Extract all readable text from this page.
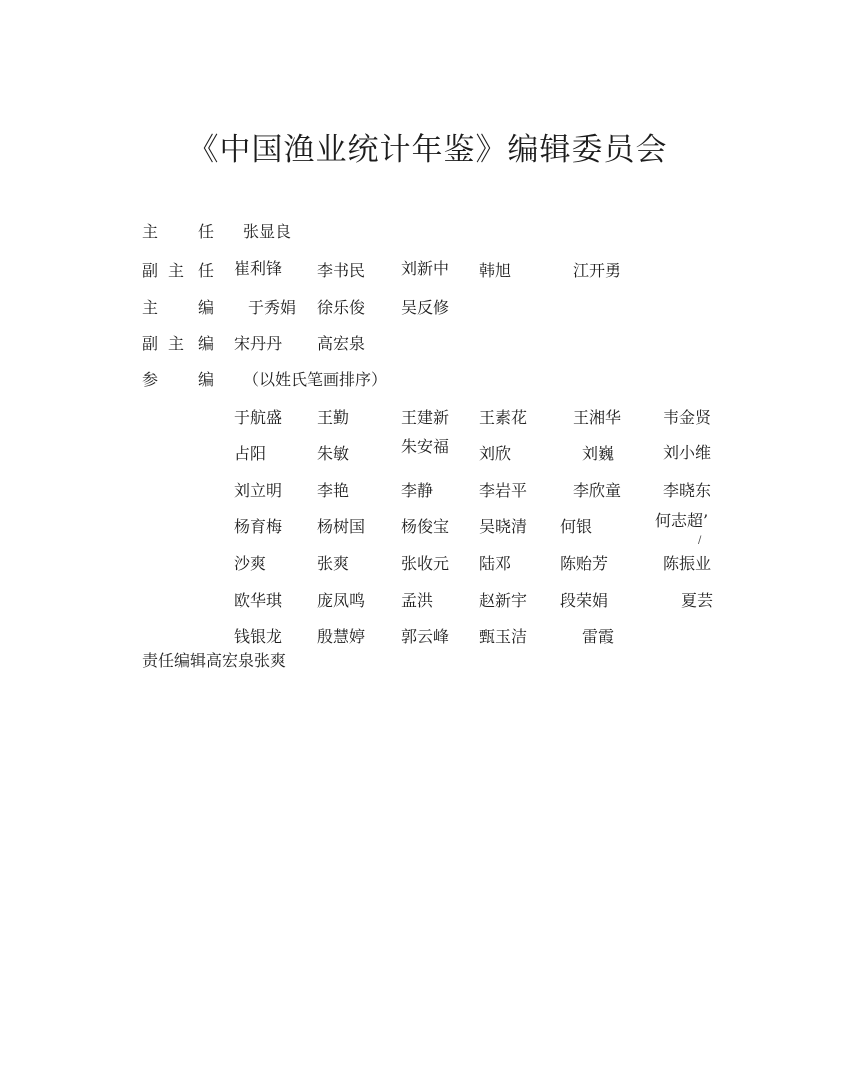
《中国渔业统计年鉴》编辑委员会
主 任 张显良
副 主 任 崔利锋 李书民 刘新中 韩旭	江开勇
主 编 于秀娟 徐乐俊 吴反修
副 主 编 宋丹丹 高宏泉
参 编 （以姓氏笔画排序）
于航盛 王勤	王建新 王素花	王湘华	韦金贤
占阳	朱敏	朱安福 刘欣	刘巍	刘小维
刘立明 李艳	李静	李岩平	李欣童	李晓东
杨育梅 杨树国 杨俊宝 吴晓清 何银	何志超’
/
沙爽	张爽	张收元 陆邓	陈贻芳	陈振业
欧华琪 庞凤鸣 孟洪	赵新宇 段荣娟	夏芸
钱银龙 殷慧婷 郭云峰 甄玉洁	雷霞
责任编辑高宏泉张爽
